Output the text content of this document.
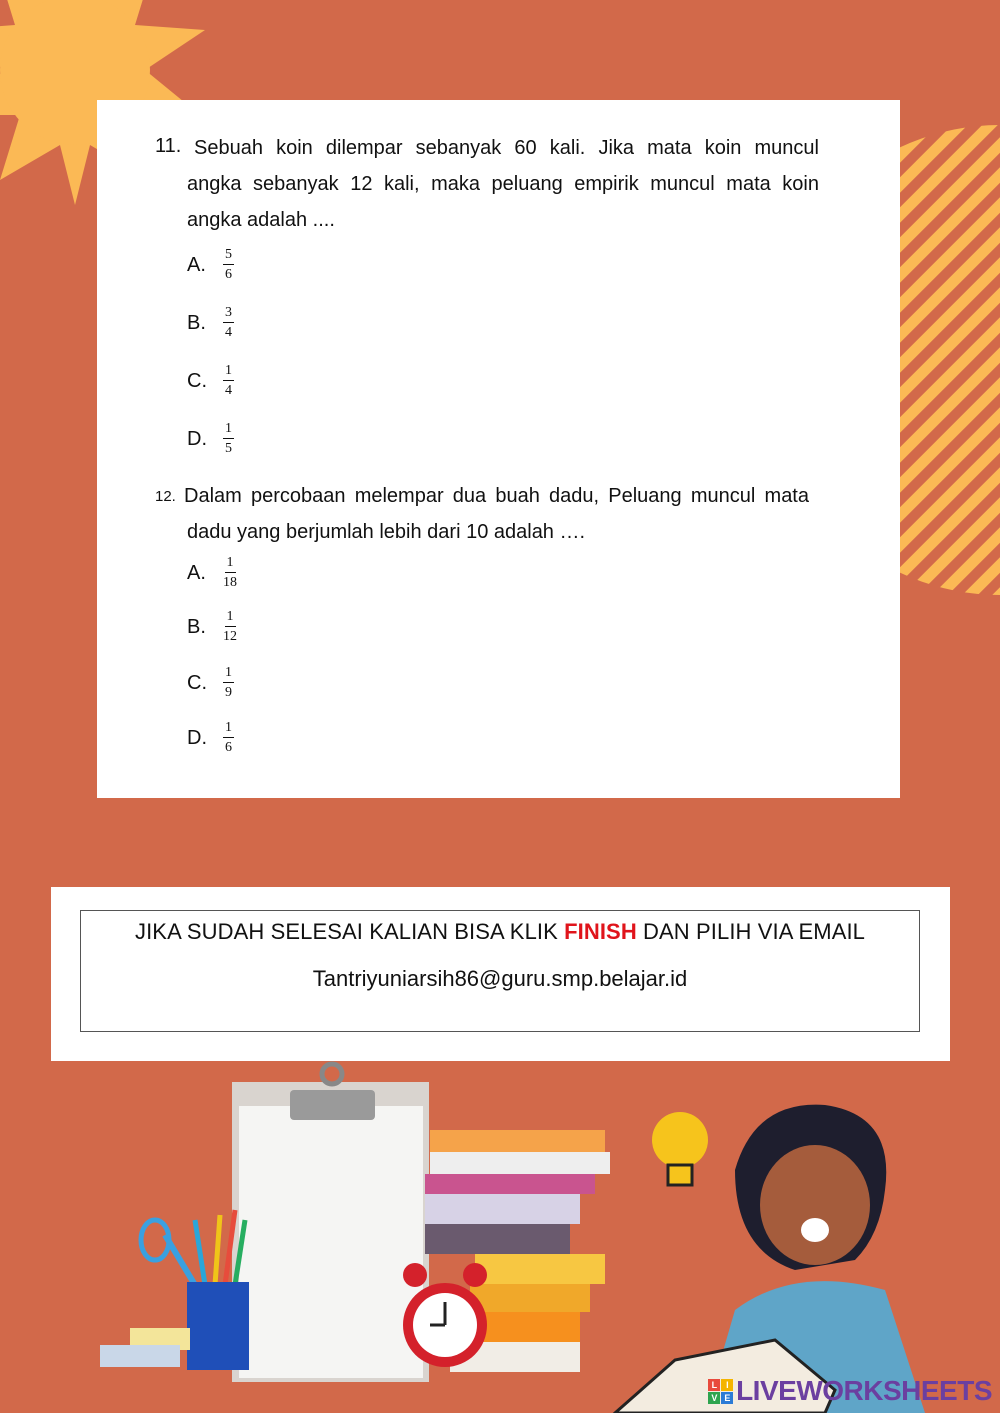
11. Sebuah koin dilempar sebanyak 60 kali. Jika mata koin muncul
angka sebanyak 12 kali, maka peluang empirik muncul mata koin angka adalah ....
A.	$\frac{5}{6}$
B.	$\frac{3}{4}$
C.	$\frac{1}{4}$
D.	$\frac{1}{5}$
12. Dalam percobaan melempar dua buah dadu, Peluang muncul mata
dadu yang berjumlah lebih dari 10 adalah ….
A.	$\frac{1}{18}$
B.	$\frac{1}{12}$
C.	$\frac{1}{9}$
D.	$\frac{1}{6}$
JIKA SUDAH SELESAI KALIAN BISA KLIK FINISH DAN PILIH VIA EMAIL
Tantriyuniarsih86@guru.smp.belajar.id
L	I
V E LIVEWORKSHEETS
